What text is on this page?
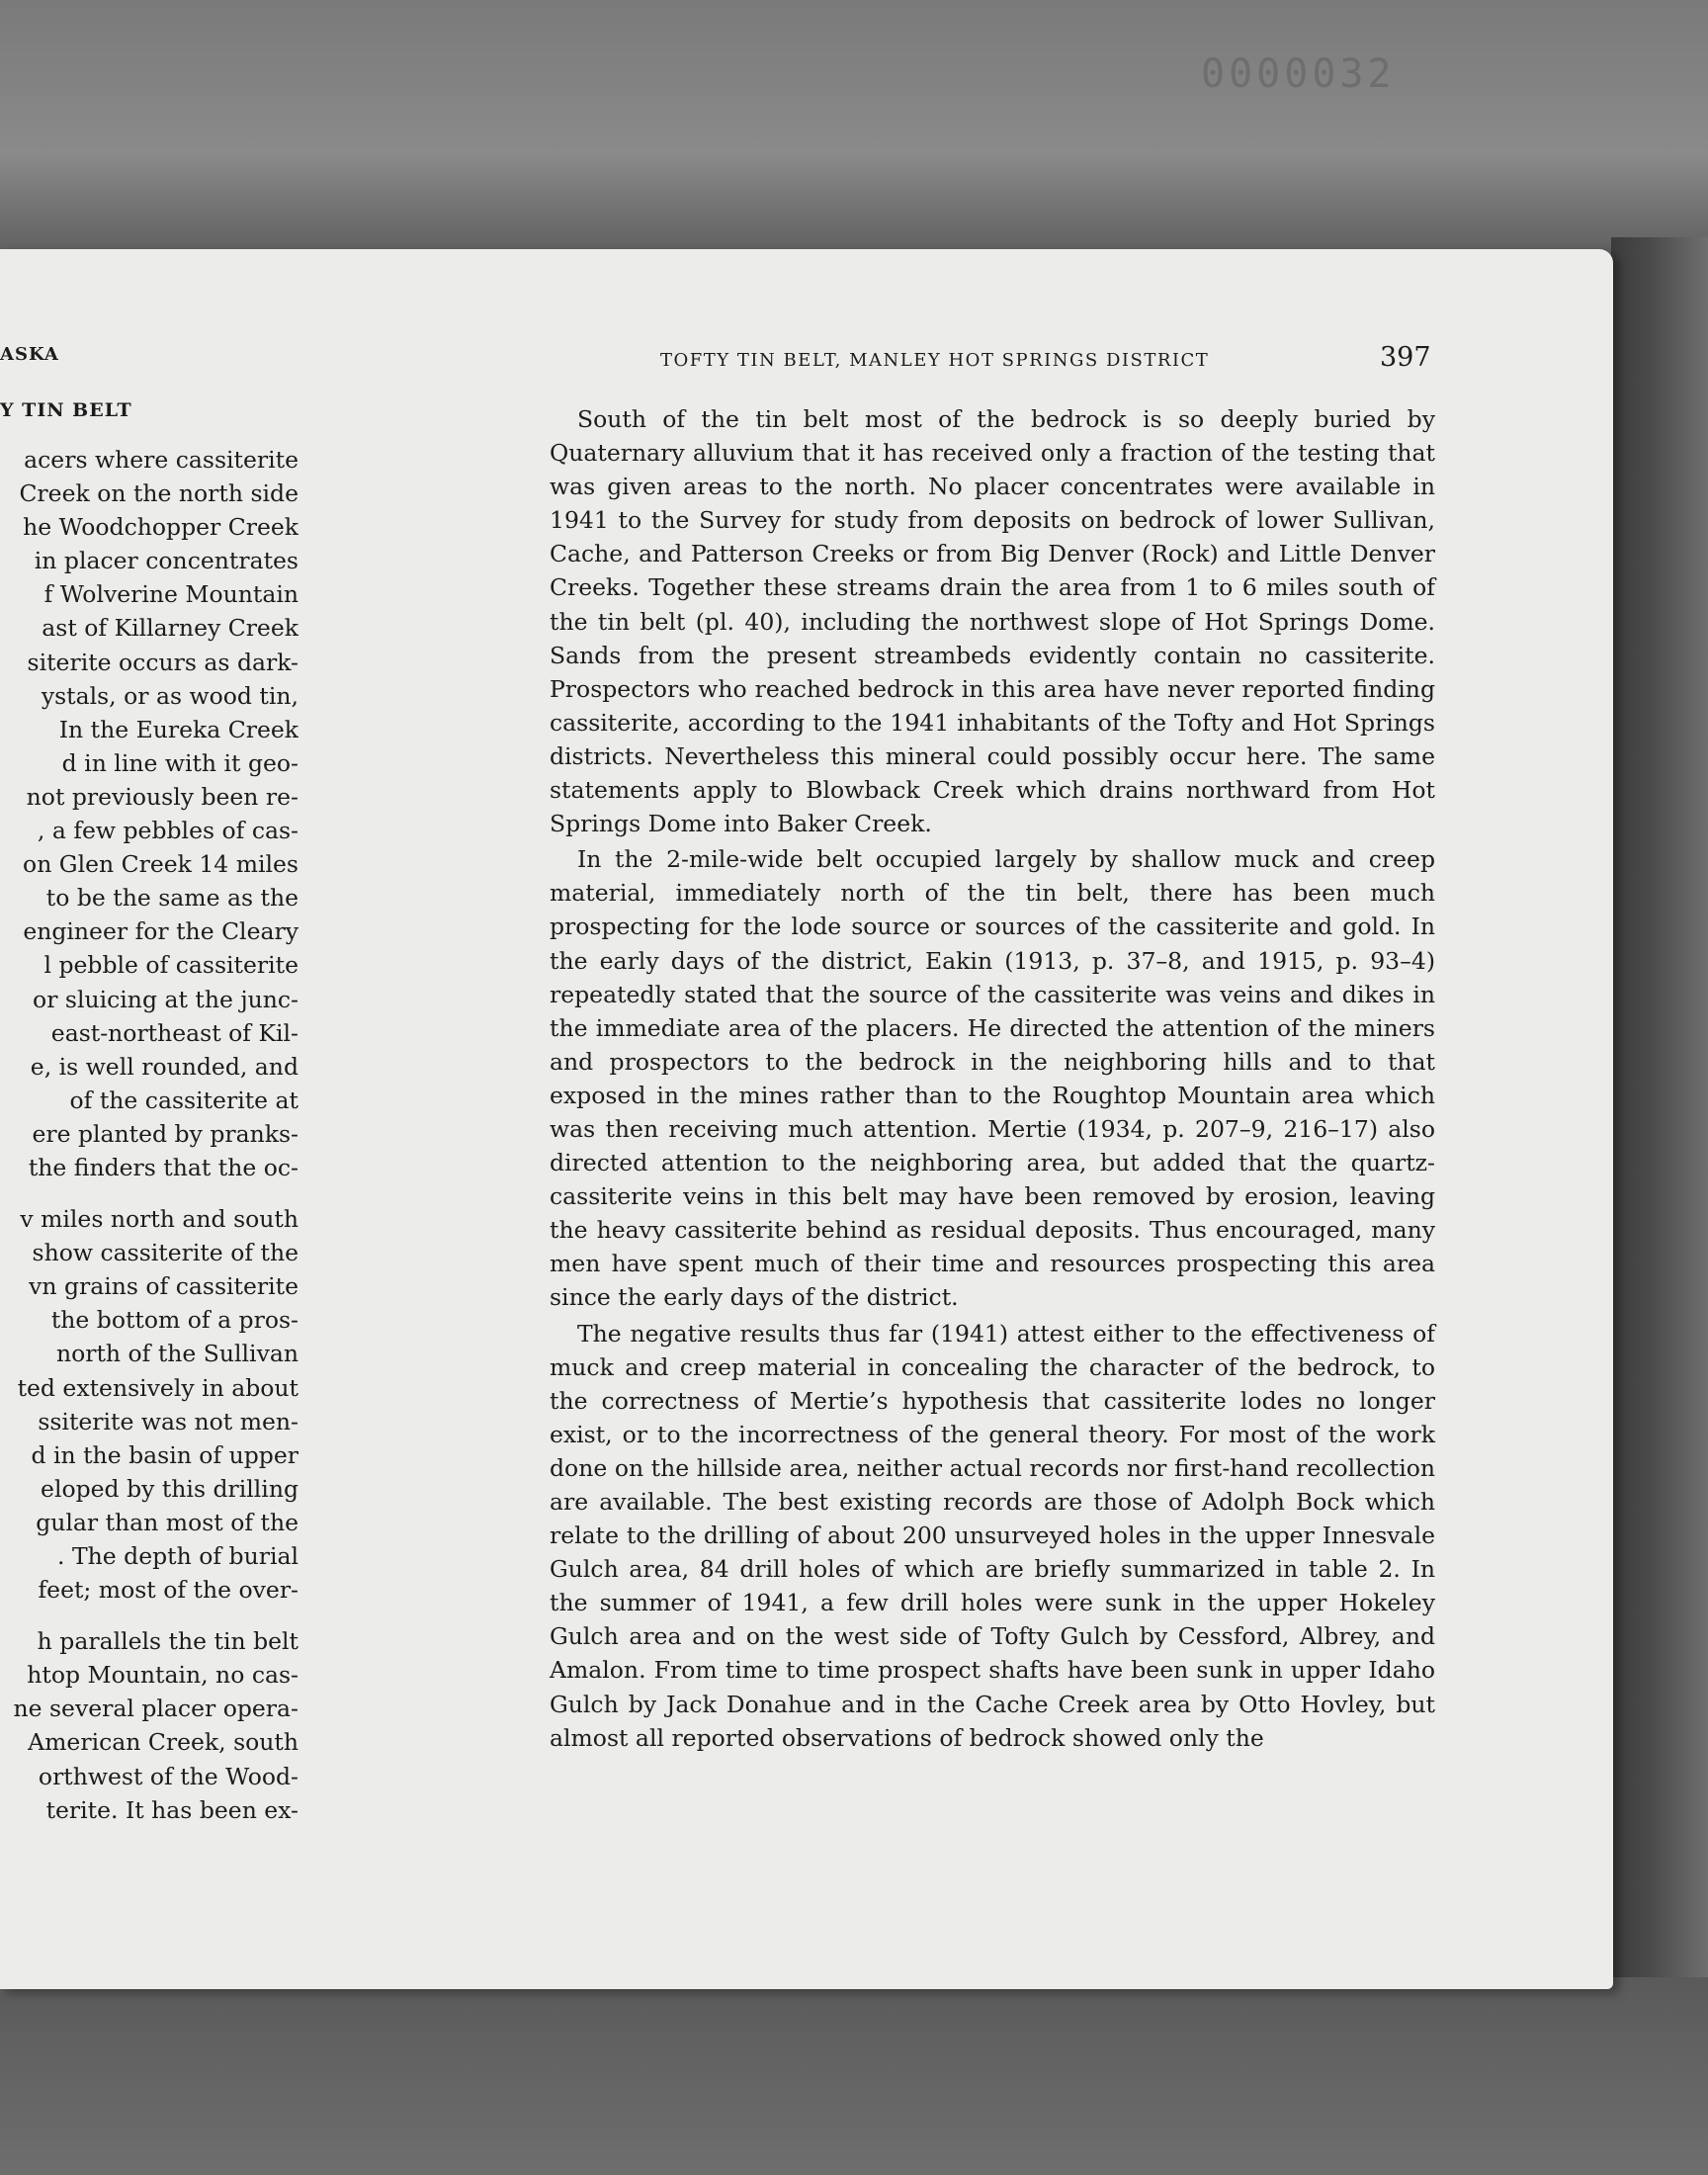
0000032
ASKA
Y TIN BELT
acers where cassiterite
Creek on the north side
he Woodchopper Creek
in placer concentrates
f Wolverine Mountain
ast of Killarney Creek
siterite occurs as dark-
ystals, or as wood tin,
In the Eureka Creek
d in line with it geo-
not previously been re-
, a few pebbles of cas-
on Glen Creek 14 miles
to be the same as the
engineer for the Cleary
l pebble of cassiterite
or sluicing at the junc-
east-northeast of Kil-
e, is well rounded, and
of the cassiterite at
ere planted by pranks-
the finders that the oc-
v miles north and south
show cassiterite of the
vn grains of cassiterite
the bottom of a pros-
north of the Sullivan
ted extensively in about
ssiterite was not men-
d in the basin of upper
eloped by this drilling
gular than most of the
. The depth of burial
feet; most of the over-
h parallels the tin belt
htop Mountain, no cas-
ne several placer opera-
American Creek, south
orthwest of the Wood-
terite. It has been ex-
TOFTY TIN BELT, MANLEY HOT SPRINGS DISTRICT	397

South of the tin belt most of the bedrock is so deeply buried by Quaternary alluvium that it has received only a fraction of the testing that was given areas to the north. No placer concentrates were available in 1941 to the Survey for study from deposits on bedrock of lower Sullivan, Cache, and Patterson Creeks or from Big Denver (Rock) and Little Denver Creeks. Together these streams drain the area from 1 to 6 miles south of the tin belt (pl. 40), including the northwest slope of Hot Springs Dome. Sands from the present streambeds evidently contain no cassiterite. Prospectors who reached bedrock in this area have never reported finding cassiterite, according to the 1941 inhabitants of the Tofty and Hot Springs districts. Nevertheless this mineral could possibly occur here. The same statements apply to Blowback Creek which drains northward from Hot Springs Dome into Baker Creek.

In the 2-mile-wide belt occupied largely by shallow muck and creep material, immediately north of the tin belt, there has been much prospecting for the lode source or sources of the cassiterite and gold. In the early days of the district, Eakin (1913, p. 37–8, and 1915, p. 93–4) repeatedly stated that the source of the cassiterite was veins and dikes in the immediate area of the placers. He directed the attention of the miners and prospectors to the bedrock in the neighboring hills and to that exposed in the mines rather than to the Roughtop Mountain area which was then receiving much attention. Mertie (1934, p. 207–9, 216–17) also directed attention to the neighboring area, but added that the quartz-cassiterite veins in this belt may have been removed by erosion, leaving the heavy cassiterite behind as residual deposits. Thus encouraged, many men have spent much of their time and resources prospecting this area since the early days of the district.

The negative results thus far (1941) attest either to the effectiveness of muck and creep material in concealing the character of the bedrock, to the correctness of Mertie’s hypothesis that cassiterite lodes no longer exist, or to the incorrectness of the general theory. For most of the work done on the hillside area, neither actual records nor first-hand recollection are available. The best existing records are those of Adolph Bock which relate to the drilling of about 200 unsurveyed holes in the upper Innesvale Gulch area, 84 drill holes of which are briefly summarized in table 2. In the summer of 1941, a few drill holes were sunk in the upper Hokeley Gulch area and on the west side of Tofty Gulch by Cessford, Albrey, and Amalon. From time to time prospect shafts have been sunk in upper Idaho Gulch by Jack Donahue and in the Cache Creek area by Otto Hovley, but almost all reported observations of bedrock showed only the
